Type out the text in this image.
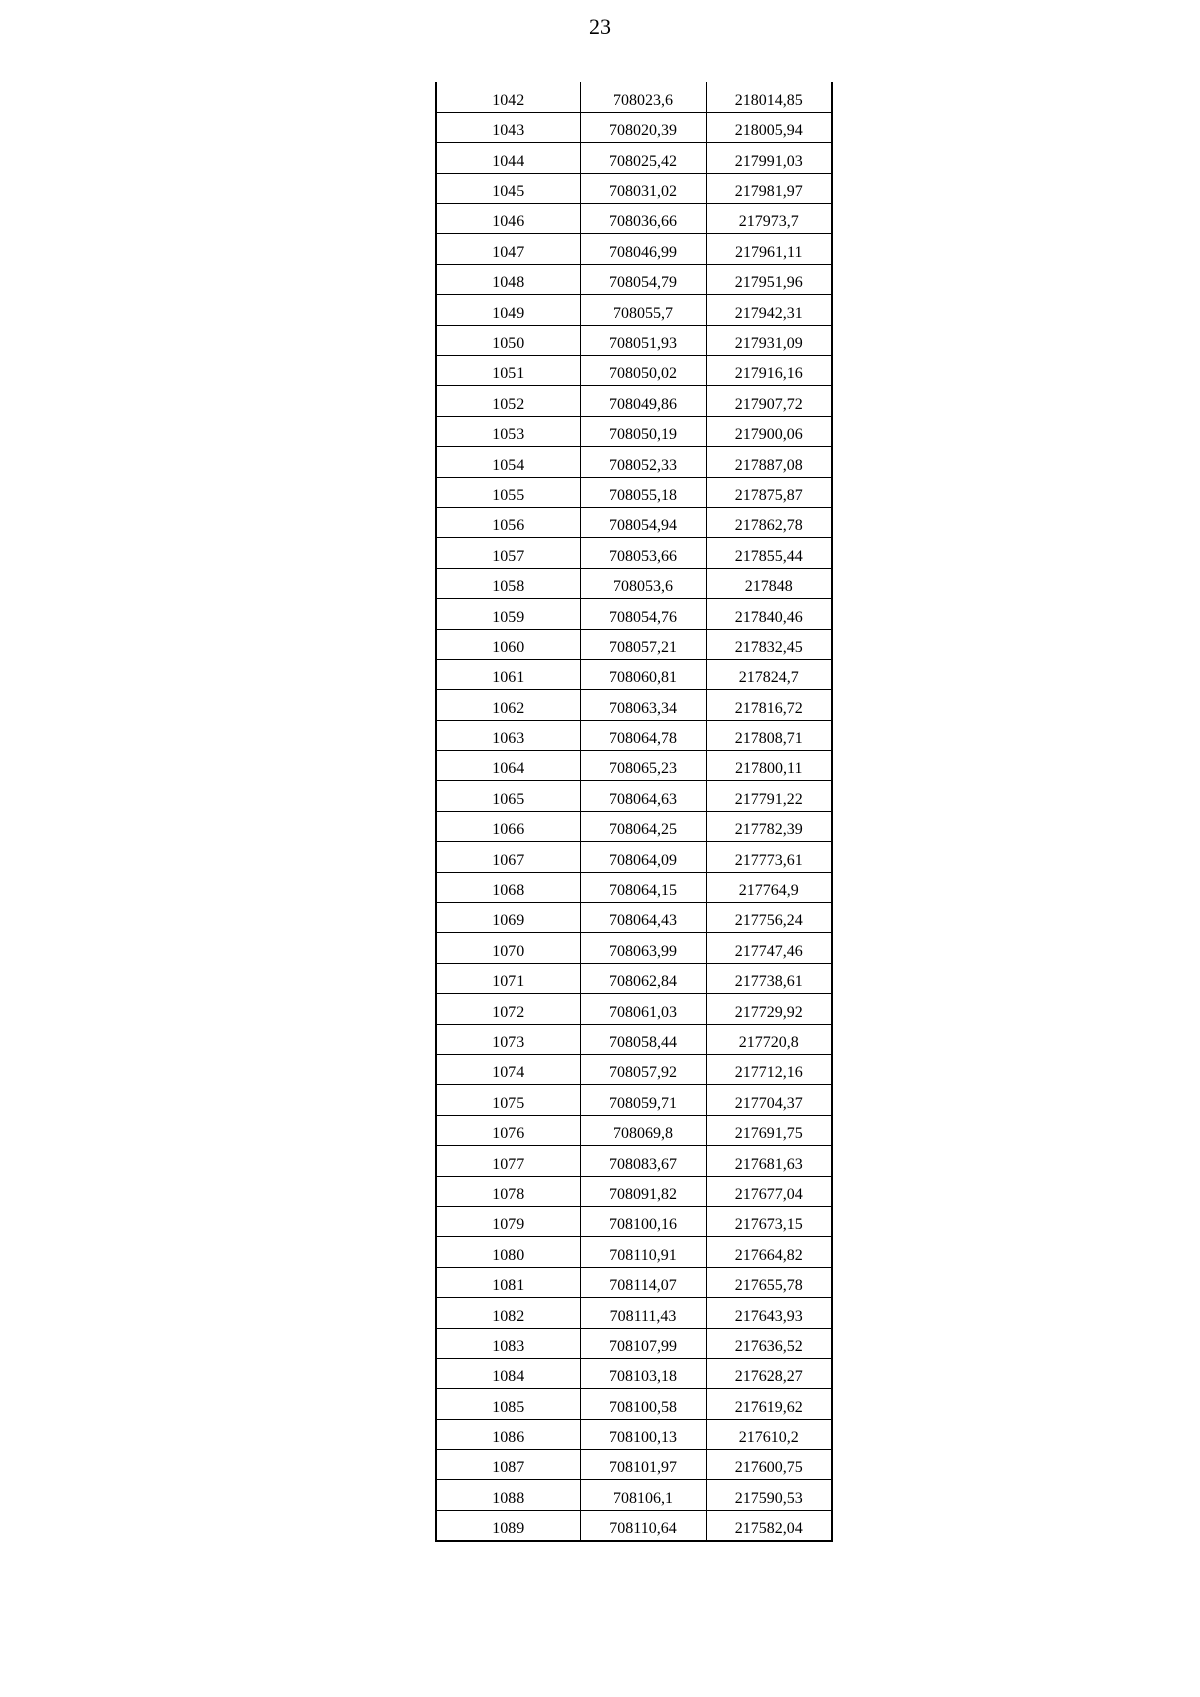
23
1042	708023,6	218014,85
1043	708020,39	218005,94
1044	708025,42	217991,03
1045	708031,02	217981,97
1046	708036,66	217973,7
1047	708046,99	217961,11
1048	708054,79	217951,96
1049	708055,7	217942,31
1050	708051,93	217931,09
1051	708050,02	217916,16
1052	708049,86	217907,72
1053	708050,19	217900,06
1054	708052,33	217887,08
1055	708055,18	217875,87
1056	708054,94	217862,78
1057	708053,66	217855,44
1058	708053,6	217848
1059	708054,76	217840,46
1060	708057,21	217832,45
1061	708060,81	217824,7
1062	708063,34	217816,72
1063	708064,78	217808,71
1064	708065,23	217800,11
1065	708064,63	217791,22
1066	708064,25	217782,39
1067	708064,09	217773,61
1068	708064,15	217764,9
1069	708064,43	217756,24
1070	708063,99	217747,46
1071	708062,84	217738,61
1072	708061,03	217729,92
1073	708058,44	217720,8
1074	708057,92	217712,16
1075	708059,71	217704,37
1076	708069,8	217691,75
1077	708083,67	217681,63
1078	708091,82	217677,04
1079	708100,16	217673,15
1080	708110,91	217664,82
1081	708114,07	217655,78
1082	708111,43	217643,93
1083	708107,99	217636,52
1084	708103,18	217628,27
1085	708100,58	217619,62
1086	708100,13	217610,2
1087	708101,97	217600,75
1088	708106,1	217590,53
1089	708110,64	217582,04
